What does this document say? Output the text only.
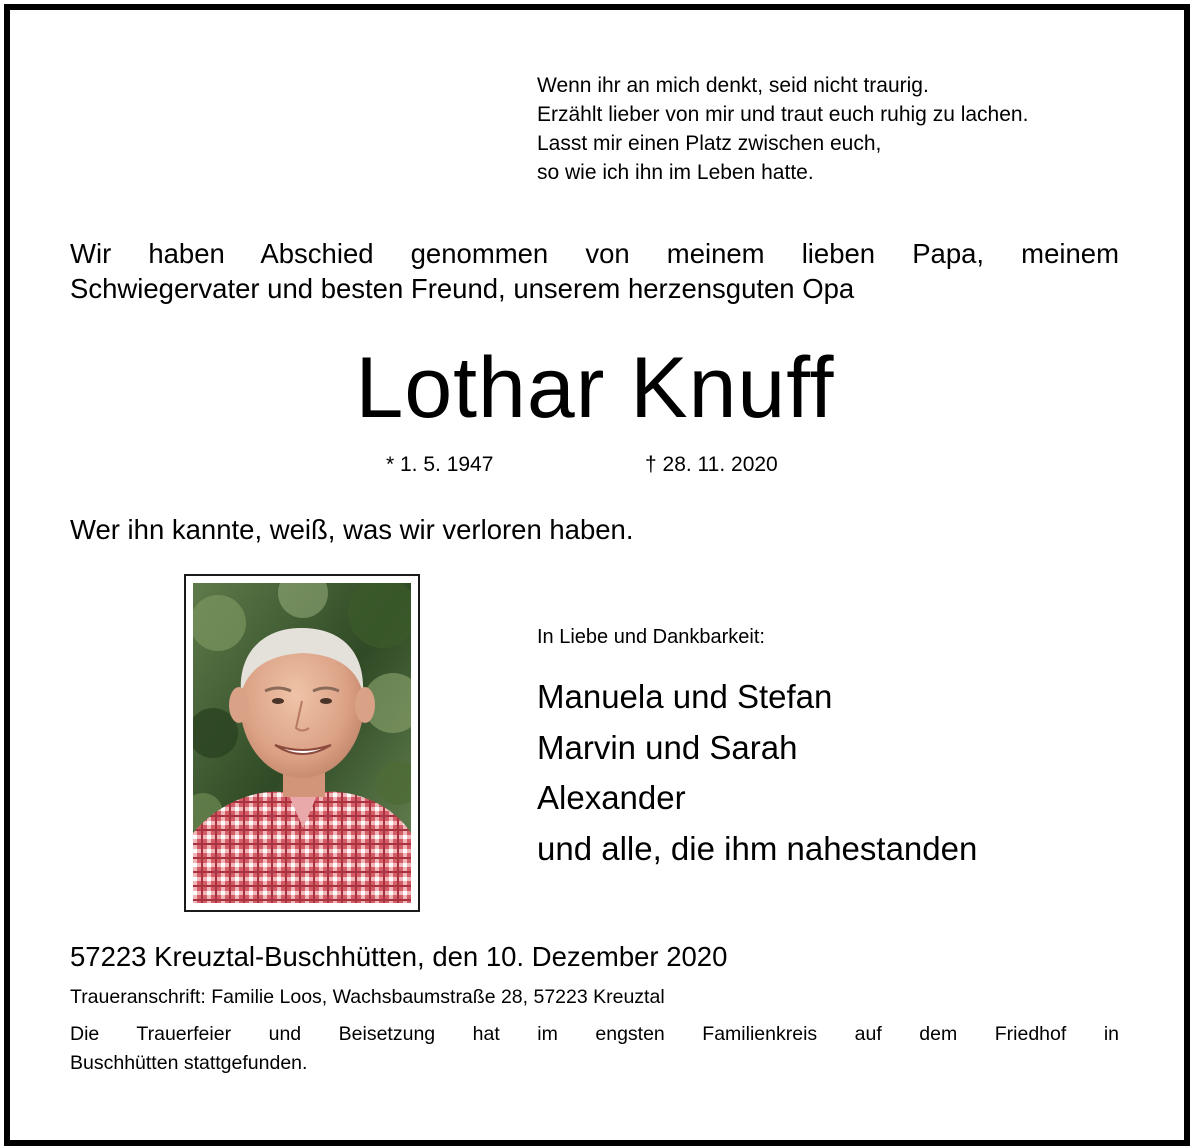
Wenn ihr an mich denkt, seid nicht traurig.
Erzählt lieber von mir und traut euch ruhig zu lachen.
Lasst mir einen Platz zwischen euch,
so wie ich ihn im Leben hatte.
Wir haben Abschied genommen von meinem lieben Papa, meinem
Schwiegervater und besten Freund, unserem herzensguten Opa
Lothar Knuff
* 1. 5. 1947	† 28. 11. 2020
Wer ihn kannte, weiß, was wir verloren haben.
In Liebe und Dankbarkeit:
Manuela und Stefan
Marvin und Sarah
Alexander
und alle, die ihm nahestanden
57223 Kreuztal-Buschhütten, den 10. Dezember 2020
Traueranschrift: Familie Loos, Wachsbaumstraße 28, 57223 Kreuztal
Die Trauerfeier und Beisetzung hat im engsten Familienkreis auf dem Friedhof in
Buschhütten stattgefunden.
